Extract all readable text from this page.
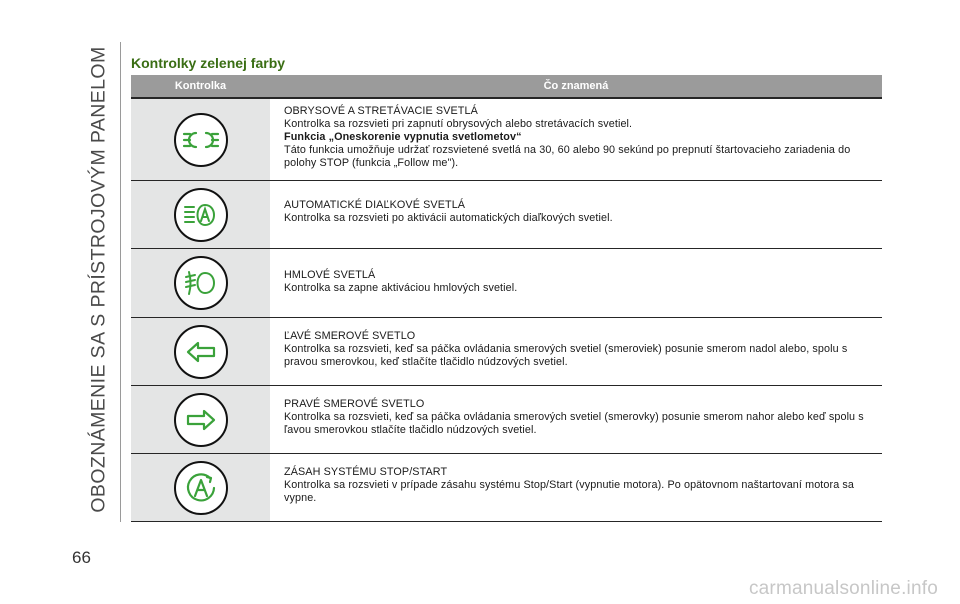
OBOZNÁMENIE SA S PRÍSTROJOVÝM PANELOM
66
Kontrolky zelenej farby
Kontrolka	Čo znamená
OBRYSOVÉ A STRETÁVACIE SVETLÁ
Kontrolka sa rozsvieti pri zapnutí obrysových alebo stretávacích svetiel.
Funkcia „Oneskorenie vypnutia svetlometov“
Táto funkcia umožňuje udržať rozsvietené svetlá na 30, 60 alebo 90 sekúnd po prepnutí štartovacieho zariadenia do polohy STOP (funkcia „Follow me").
AUTOMATICKÉ DIAĽKOVÉ SVETLÁ
Kontrolka sa rozsvieti po aktivácii automatických diaľkových svetiel.
HMLOVÉ SVETLÁ
Kontrolka sa zapne aktiváciou hmlových svetiel.
ĽAVÉ SMEROVÉ SVETLO
Kontrolka sa rozsvieti, keď sa páčka ovládania smerových svetiel (smeroviek) posunie smerom nadol alebo, spolu s pravou smerovkou, keď stlačíte tlačidlo núdzových svetiel.
PRAVÉ SMEROVÉ SVETLO
Kontrolka sa rozsvieti, keď sa páčka ovládania smerových svetiel (smerovky) posunie smerom nahor alebo keď spolu s ľavou smerovkou stlačíte tlačidlo núdzových svetiel.
ZÁSAH SYSTÉMU STOP/START
Kontrolka sa rozsvieti v prípade zásahu systému Stop/Start (vypnutie motora). Po opätovnom naštartovaní motora sa vypne.
carmanualsonline.info
